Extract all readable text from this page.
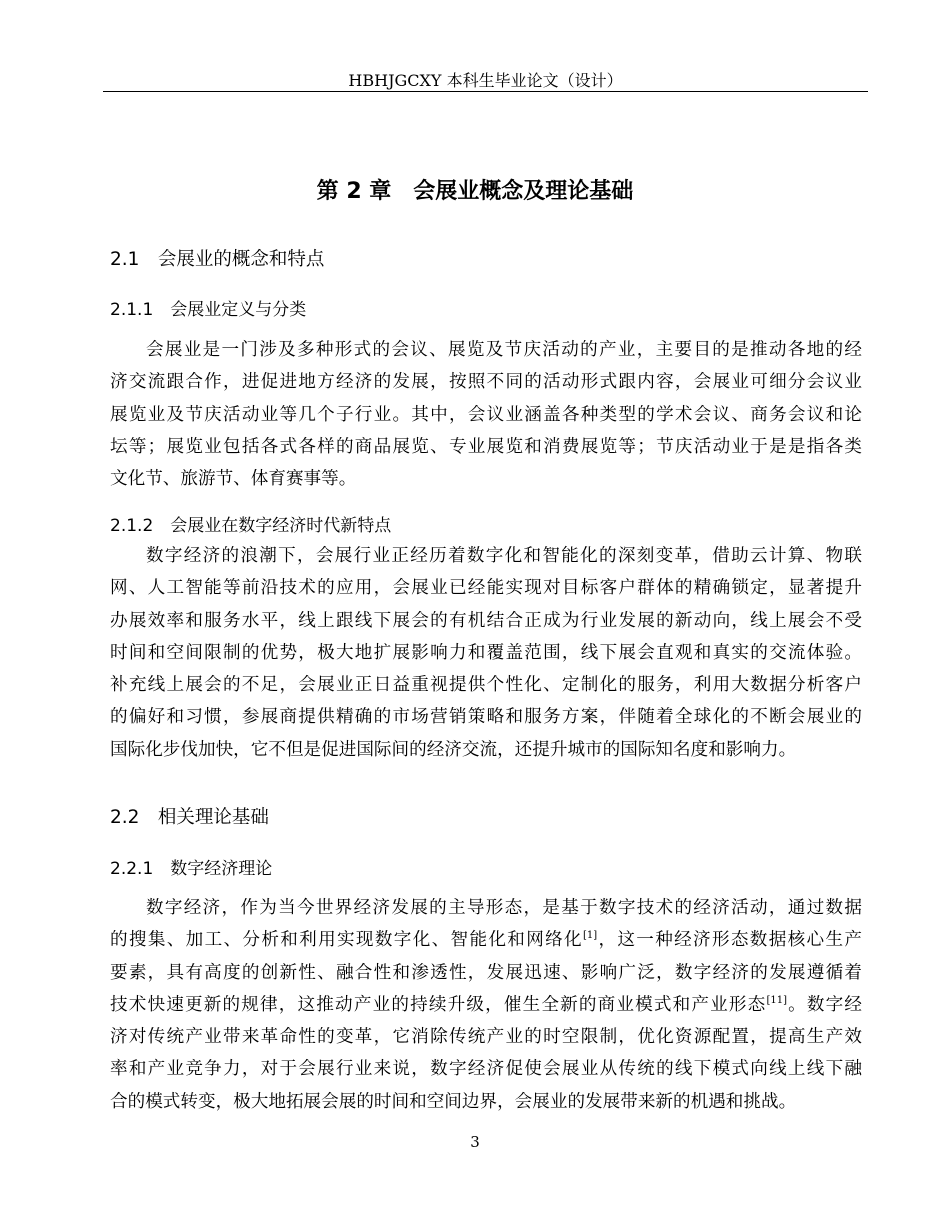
HBHJGCXY 本科生毕业论文（设计）
第 2 章　会展业概念及理论基础
2.1　会展业的概念和特点
2.1.1　会展业定义与分类
会展业是一门涉及多种形式的会议、展览及节庆活动的产业，主要目的是推动各地的经
济交流跟合作，进促进地方经济的发展，按照不同的活动形式跟内容，会展业可细分会议业
展览业及节庆活动业等几个子行业。其中，会议业涵盖各种类型的学术会议、商务会议和论
坛等；展览业包括各式各样的商品展览、专业展览和消费展览等；节庆活动业于是是指各类
文化节、旅游节、体育赛事等。
2.1.2　会展业在数字经济时代新特点
数字经济的浪潮下，会展行业正经历着数字化和智能化的深刻变革，借助云计算、物联
网、人工智能等前沿技术的应用，会展业已经能实现对目标客户群体的精确锁定，显著提升
办展效率和服务水平，线上跟线下展会的有机结合正成为行业发展的新动向，线上展会不受
时间和空间限制的优势，极大地扩展影响力和覆盖范围，线下展会直观和真实的交流体验。
补充线上展会的不足，会展业正日益重视提供个性化、定制化的服务，利用大数据分析客户
的偏好和习惯，参展商提供精确的市场营销策略和服务方案，伴随着全球化的不断会展业的
国际化步伐加快，它不但是促进国际间的经济交流，还提升城市的国际知名度和影响力。
2.2　相关理论基础
2.2.1　数字经济理论
数字经济，作为当今世界经济发展的主导形态，是基于数字技术的经济活动，通过数据
的搜集、加工、分析和利用实现数字化、智能化和网络化[1]，这一种经济形态数据核心生产
要素，具有高度的创新性、融合性和渗透性，发展迅速、影响广泛，数字经济的发展遵循着
技术快速更新的规律，这推动产业的持续升级，催生全新的商业模式和产业形态[11]。数字经
济对传统产业带来革命性的变革，它消除传统产业的时空限制，优化资源配置，提高生产效
率和产业竞争力，对于会展行业来说，数字经济促使会展业从传统的线下模式向线上线下融
合的模式转变，极大地拓展会展的时间和空间边界，会展业的发展带来新的机遇和挑战。
3
